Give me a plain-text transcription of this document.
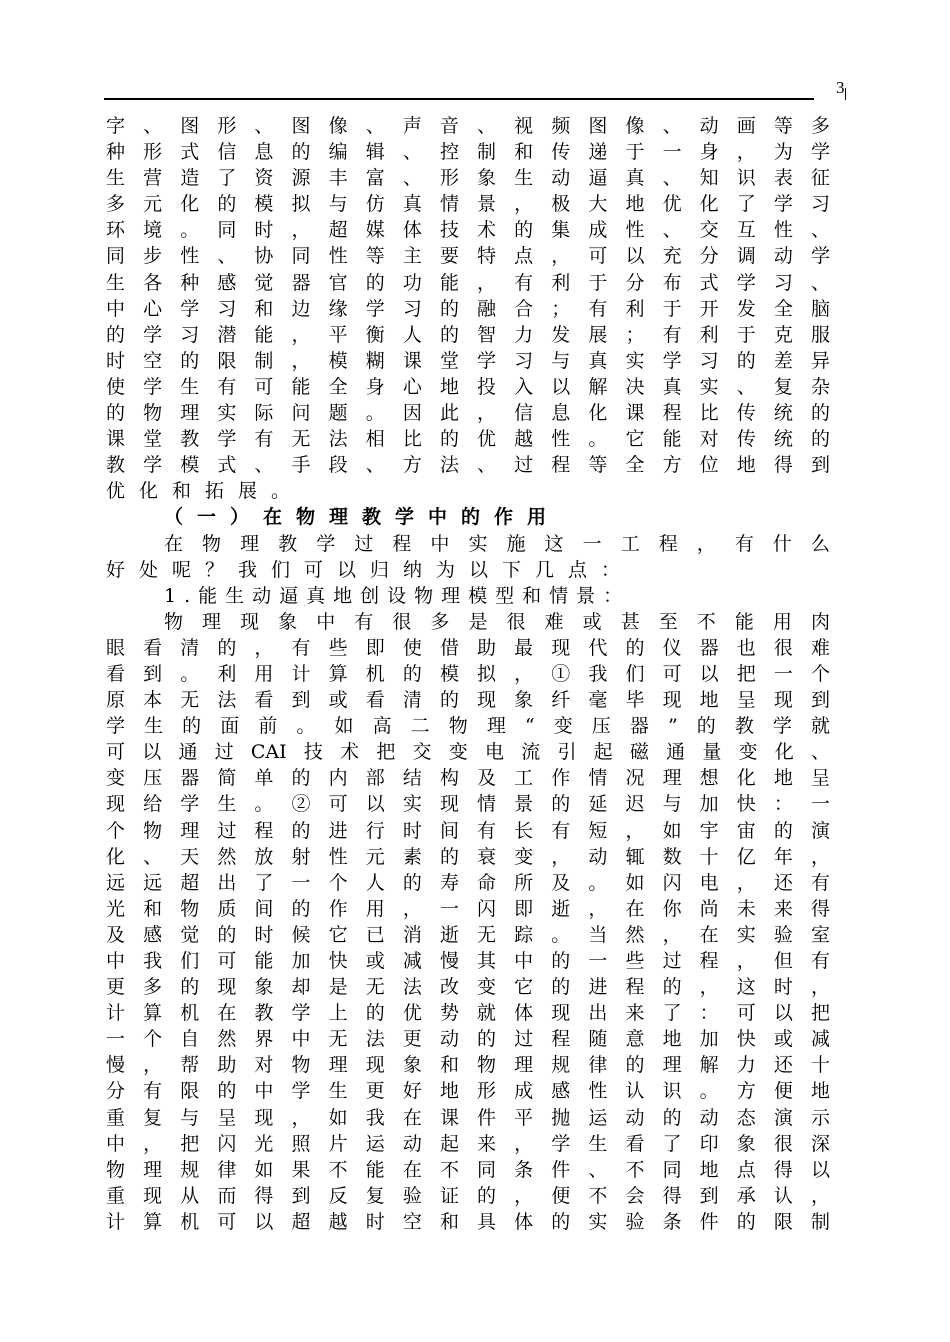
3
字、图形、图像、声音、视频图像、动画等多
种形式信息的编辑、控制和传递于一身，为学
生营造了资源丰富、形象生动逼真、知识表征
多元化的模拟与仿真情景，极大地优化了学习
环境。同时，超媒体技术的集成性、交互性、
同步性、协同性等主要特点，可以充分调动学
生各种感觉器官的功能，有利于分布式学习、
中心学习和边缘学习的融合；有利于开发全脑
的学习潜能，平衡人的智力发展；有利于克服
时空的限制，模糊课堂学习与真实学习的差异
使学生有可能全身心地投入以解决真实、复杂
的物理实际问题。因此，信息化课程比传统的
课堂教学有无法相比的优越性。它能对传统的
教学模式、手段、方法、过程等全方位地得到
优化和拓展。
（一）在物理教学中的作用
在物理教学过程中实施这一工程，有什么
好处呢？我们可以归纳为以下几点：
1.能生动逼真地创设物理模型和情景：
物理现象中有很多是很难或甚至不能用肉
眼看清的，有些即使借助最现代的仪器也很难
看到。利用计算机的模拟，①我们可以把一个
原本无法看到或看清的现象纤毫毕现地呈现到
学生的面前。如高二物理“变压器”的教学就
可以通过CAI技术把交变电流引起磁通量变化、
变压器简单的内部结构及工作情况理想化地呈
现给学生。②可以实现情景的延迟与加快：一
个物理过程的进行时间有长有短，如宇宙的演
化、天然放射性元素的衰变，动辄数十亿年，
远远超出了一个人的寿命所及。如闪电，还有
光和物质间的作用，一闪即逝，在你尚未来得
及感觉的时候它已消逝无踪。当然，在实验室
中我们可能加快或减慢其中的一些过程，但有
更多的现象却是无法改变它的进程的，这时，
计算机在教学上的优势就体现出来了：可以把
一个自然界中无法更动的过程随意地加快或减
慢，帮助对物理现象和物理规律的理解力还十
分有限的中学生更好地形成感性认识。方便地
重复与呈现，如我在课件平抛运动的动态演示
中，把闪光照片运动起来，学生看了印象很深
物理规律如果不能在不同条件、不同地点得以
重现从而得到反复验证的，便不会得到承认，
计算机可以超越时空和具体的实验条件的限制
